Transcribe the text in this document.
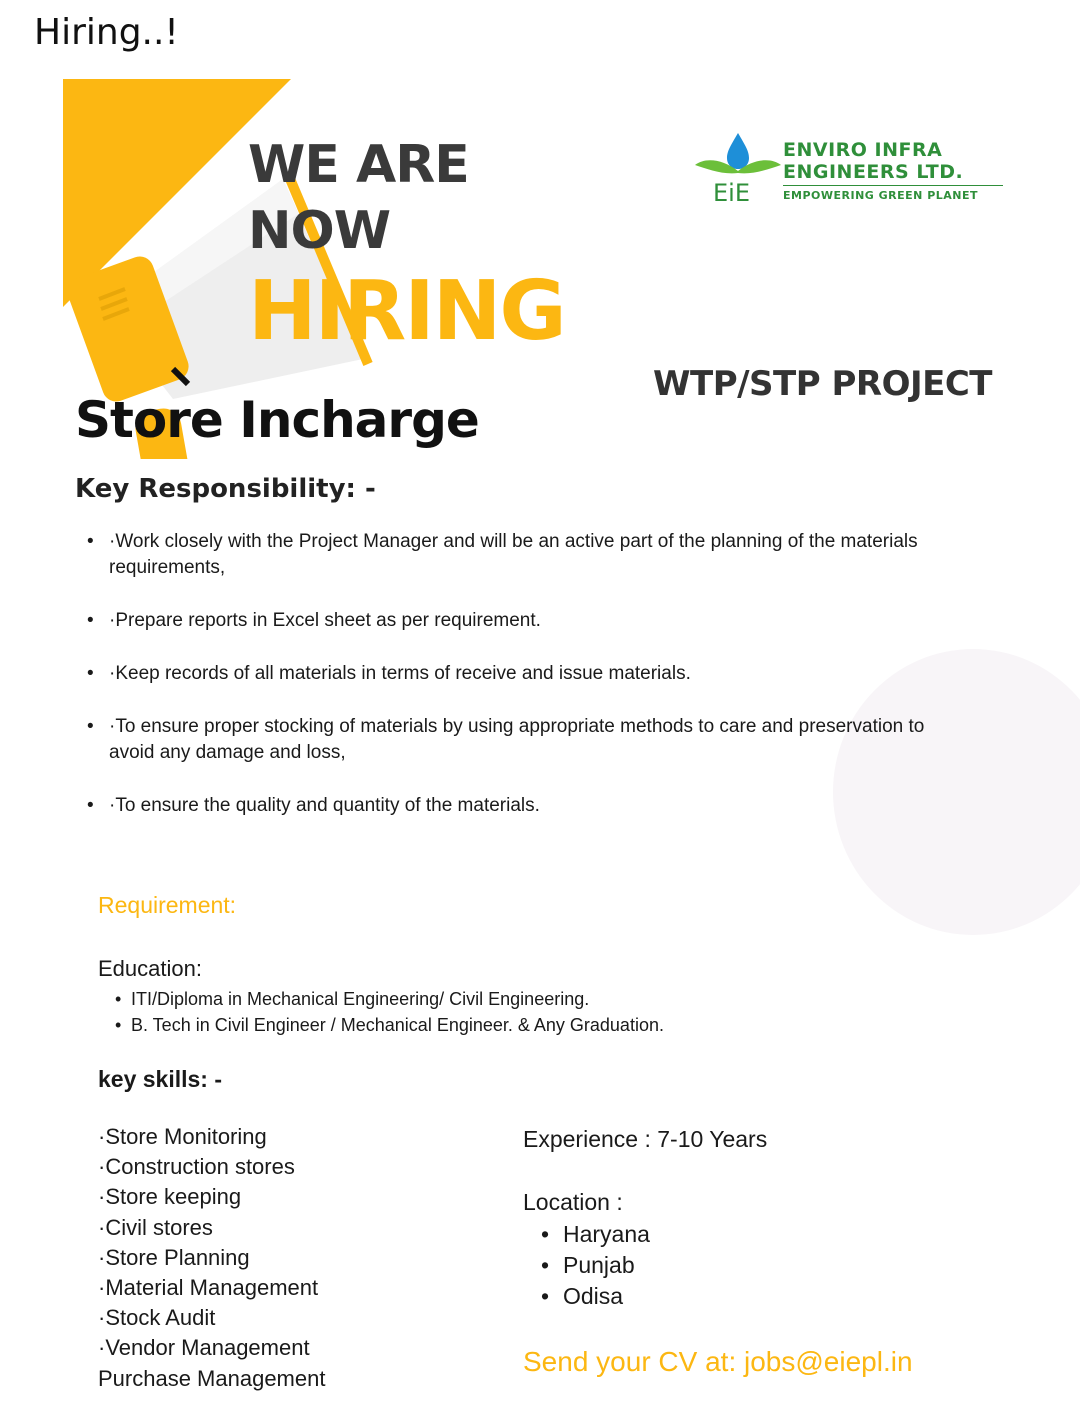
Hiring..!
WE ARE
NOW
HIRING
EiE
ENVIRO INFRA
ENGINEERS LTD.
EMPOWERING GREEN PLANET
WTP/STP PROJECT
Store Incharge
Key Responsibility: -
• ·Work closely with the Project Manager and will be an active part of the planning of the materials requirements,
• ·Prepare reports in Excel sheet as per requirement.
• ·Keep records of all materials in terms of receive and issue materials.
• ·To ensure proper stocking of materials by using appropriate methods to care and preservation to avoid any damage and loss,
• ·To ensure the quality and quantity of the materials.
Requirement:
Education:
• ITI/Diploma in Mechanical Engineering/ Civil Engineering.
• B. Tech in Civil Engineer / Mechanical Engineer. & Any Graduation.
key skills: -
·Store Monitoring
·Construction stores
·Store keeping
·Civil stores
·Store Planning
·Material Management
·Stock Audit
·Vendor Management
Purchase Management
Experience : 7-10 Years
Location :
• Haryana
• Punjab
• Odisa
Send your CV at: jobs@eiepl.in
